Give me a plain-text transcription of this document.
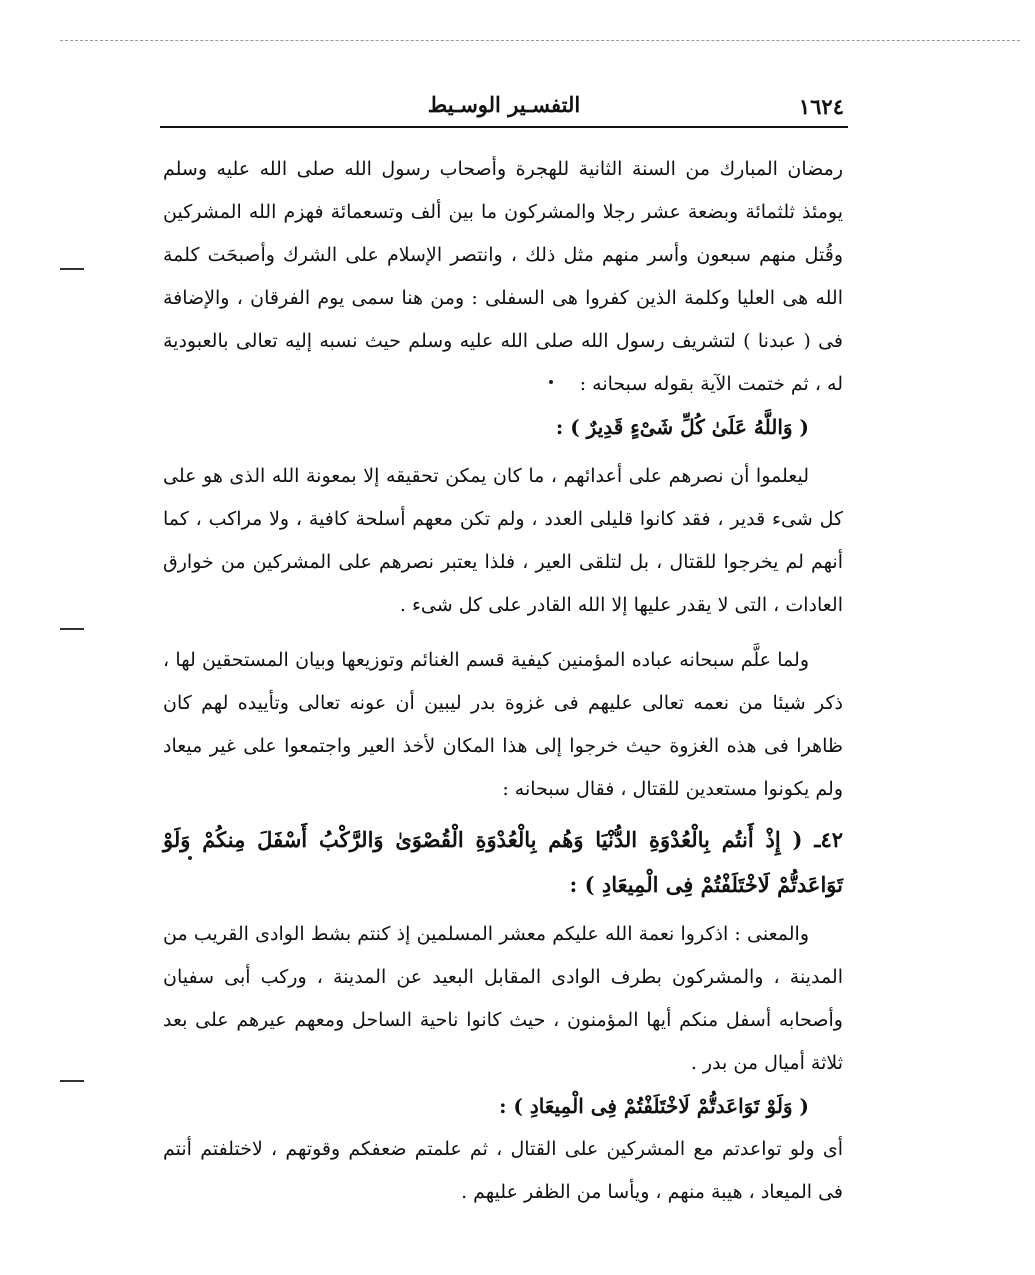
١٦٢٤
التفسـير الوسـيط

رمضان المبارك من السنة الثانية للهجرة وأصحاب رسول الله صلى الله عليه وسلم يومئذ ثلثمائة وبضعة عشر رجلا والمشركون ما بين ألف وتسعمائة فهزم الله المشركين وقُتل منهم سبعون وأسر منهم مثل ذلك ، وانتصر الإسلام على الشرك وأصبحَت كلمة الله هى العليا وكلمة الذين كفروا هى السفلى : ومن هنا سمى يوم الفرقان ، والإضافة فى ( عبدنا ) لتشريف رسول الله صلى الله عليه وسلم حيث نسبه إليه تعالى بالعبودية له ، ثم ختمت الآية بقوله سبحانه :

( وَاللَّهُ عَلَىٰ كُلِّ شَىْءٍ قَدِيرٌ ) :

ليعلموا أن نصرهم على أعدائهم ، ما كان يمكن تحقيقه إلا بمعونة الله الذى هو على كل شىء قدير ، فقد كانوا قليلى العدد ، ولم تكن معهم أسلحة كافية ، ولا مراكب ، كما أنهم لم يخرجوا للقتال ، بل لتلقى العير ، فلذا يعتبر نصرهم على المشركين من خوارق العادات ، التى لا يقدر عليها إلا الله القادر على كل شىء .

ولما علَّم سبحانه عباده المؤمنين كيفية قسم الغنائم وتوزيعها وبيان المستحقين لها ، ذكر شيئا من نعمه تعالى عليهم فى غزوة بدر ليبين أن عونه تعالى وتأييده لهم كان ظاهرا فى هذه الغزوة حيث خرجوا إلى هذا المكان لأخذ العير واجتمعوا على غير ميعاد ولم يكونوا مستعدين للقتال ، فقال سبحانه :

٤٢ـ ( إِذْ أَنتُم بِالْعُدْوَةِ الدُّنْيَا وَهُم بِالْعُدْوَةِ الْقُصْوَىٰ وَالرَّكْبُ أَسْفَلَ مِنكُمْ وَلَوْ تَوَاعَدتُّمْ لَاخْتَلَفْتُمْ فِى الْمِيعَادِ ) :

والمعنى : اذكروا نعمة الله عليكم معشر المسلمين إذ كنتم بشط الوادى القريب من المدينة ، والمشركون بطرف الوادى المقابل البعيد عن المدينة ، وركب أبى سفيان وأصحابه أسفل منكم أيها المؤمنون ، حيث كانوا ناحية الساحل ومعهم عيرهم على بعد ثلاثة أميال من بدر .

( وَلَوْ تَوَاعَدتُّمْ لَاخْتَلَفْتُمْ فِى الْمِيعَادِ ) :

أى ولو تواعدتم مع المشركين على القتال ، ثم علمتم ضعفكم وقوتهم ، لاختلفتم أنتم فى الميعاد ، هيبة منهم ، ويأسا من الظفر عليهم .
